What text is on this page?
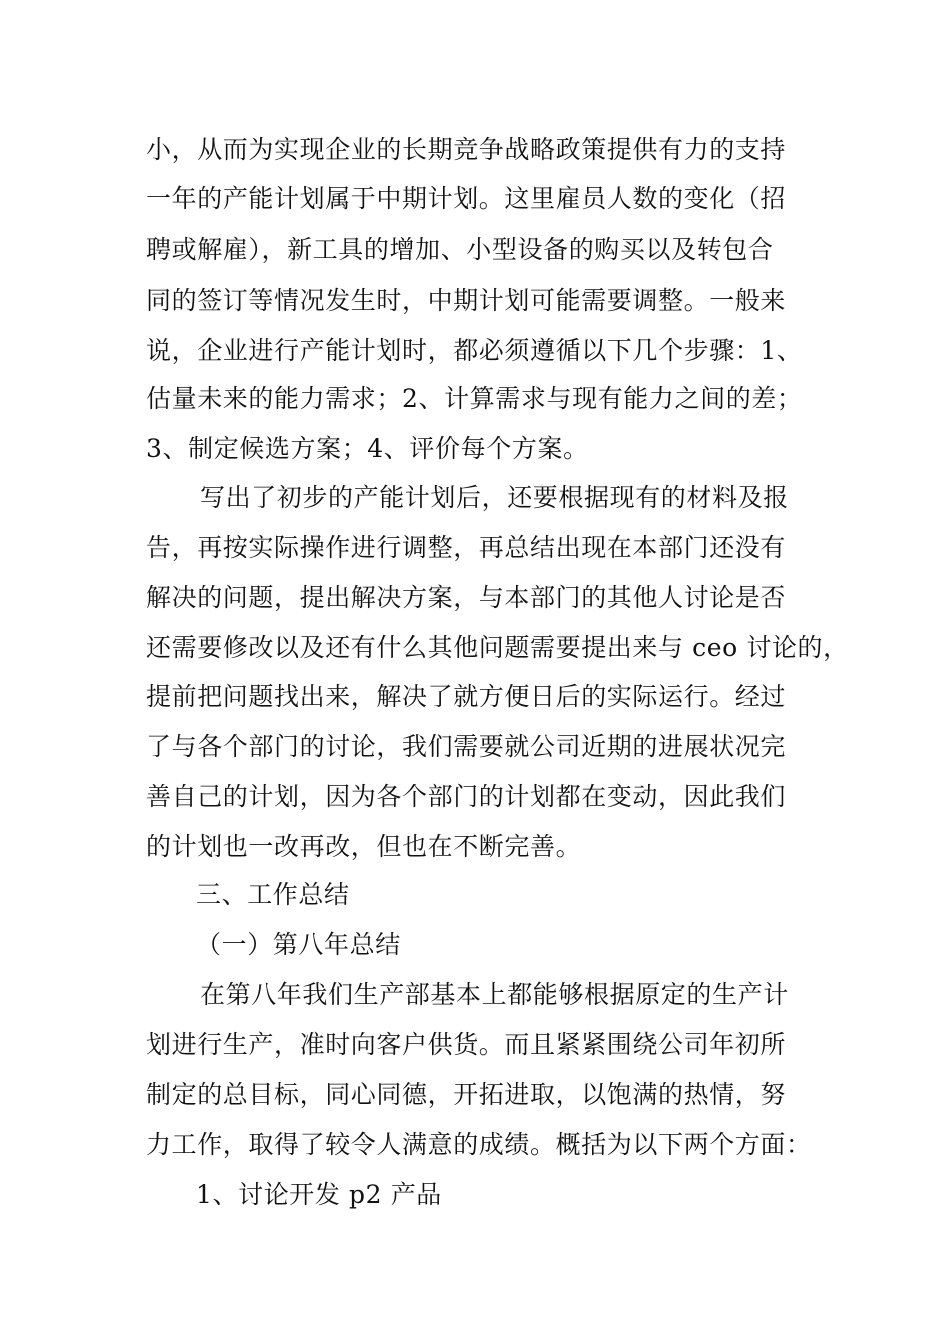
小，从而为实现企业的长期竞争战略政策提供有力的支持
一年的产能计划属于中期计划。这里雇员人数的变化（招
聘或解雇），新工具的增加、小型设备的购买以及转包合
同的签订等情况发生时，中期计划可能需要调整。一般来
说，企业进行产能计划时，都必须遵循以下几个步骤：1、
估量未来的能力需求；2、计算需求与现有能力之间的差；
3、制定候选方案；4、评价每个方案。
写出了初步的产能计划后，还要根据现有的材料及报
告，再按实际操作进行调整，再总结出现在本部门还没有
解决的问题，提出解决方案，与本部门的其他人讨论是否
还需要修改以及还有什么其他问题需要提出来与 ceo 讨论的，
提前把问题找出来，解决了就方便日后的实际运行。经过
了与各个部门的讨论，我们需要就公司近期的进展状况完
善自己的计划，因为各个部门的计划都在变动，因此我们
的计划也一改再改，但也在不断完善。
三、工作总结
（一）第八年总结
在第八年我们生产部基本上都能够根据原定的生产计
划进行生产，准时向客户供货。而且紧紧围绕公司年初所
制定的总目标，同心同德，开拓进取，以饱满的热情，努
力工作，取得了较令人满意的成绩。概括为以下两个方面：
1、讨论开发 p2 产品
